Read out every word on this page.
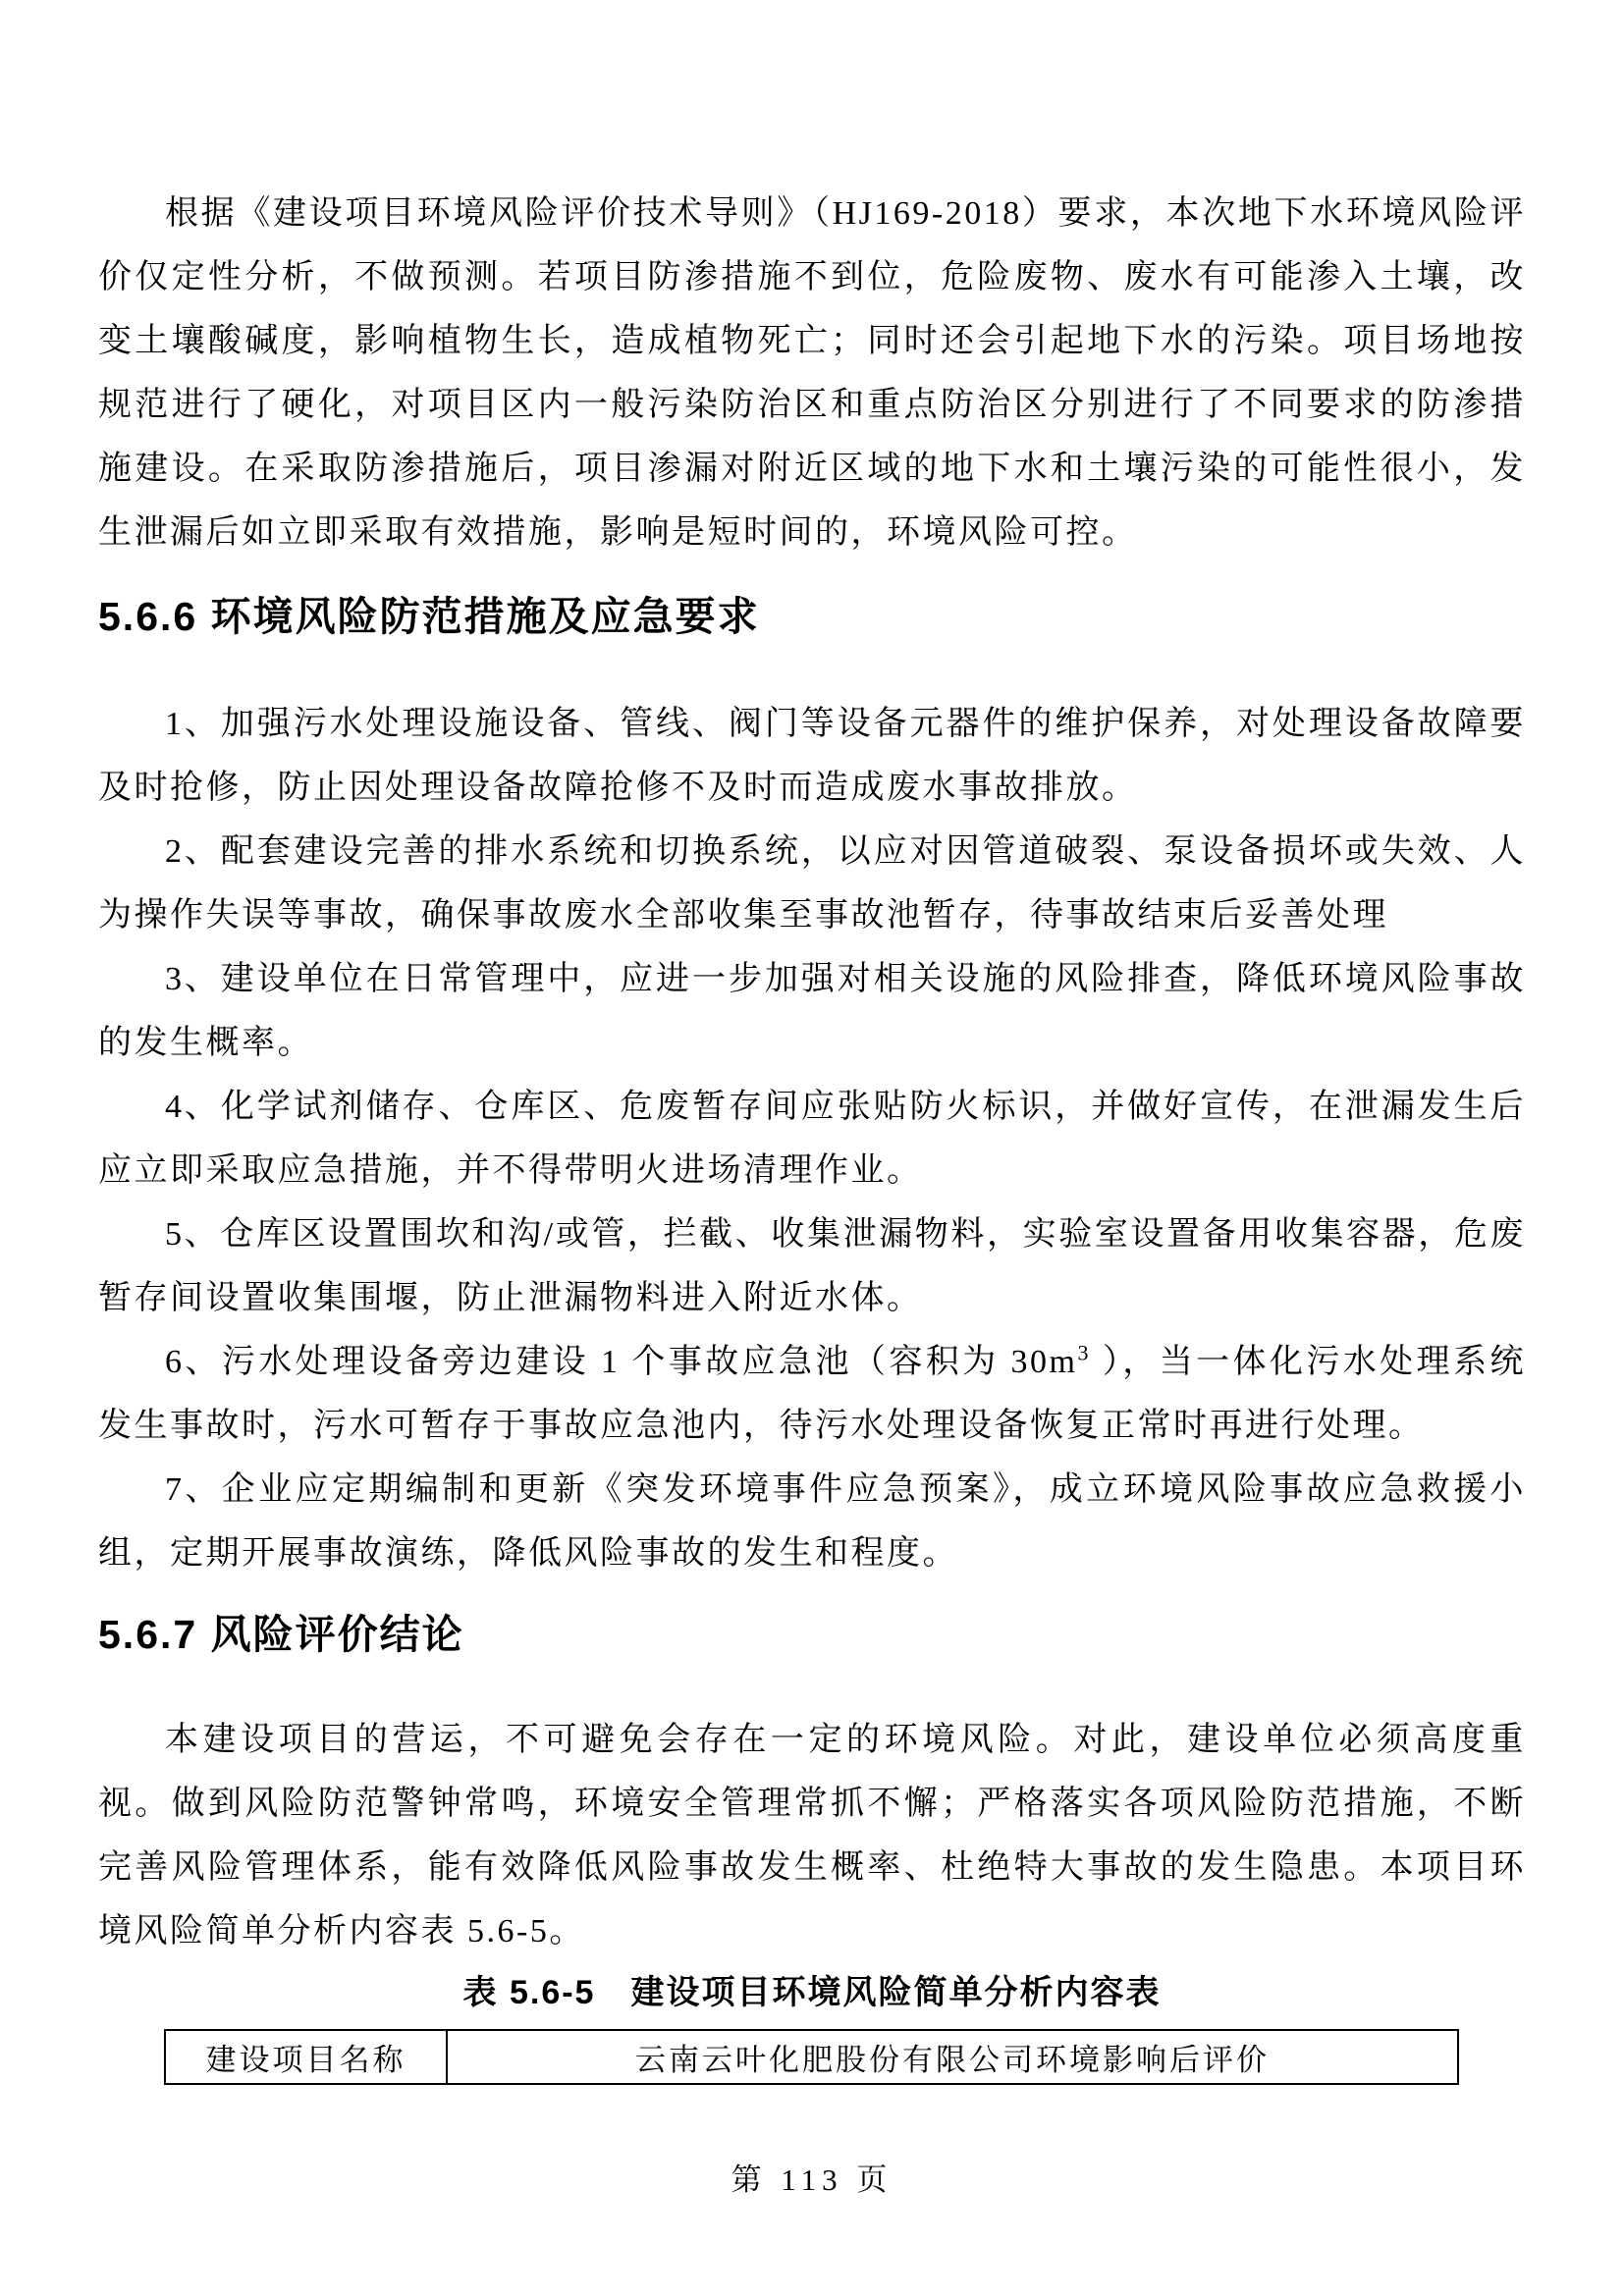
根据《建设项目环境风险评价技术导则》（HJ169-2018）要求，本次地下水环境风险评价仅定性分析，不做预测。若项目防渗措施不到位，危险废物、废水有可能渗入土壤，改变土壤酸碱度，影响植物生长，造成植物死亡；同时还会引起地下水的污染。项目场地按规范进行了硬化，对项目区内一般污染防治区和重点防治区分别进行了不同要求的防渗措施建设。在采取防渗措施后，项目渗漏对附近区域的地下水和土壤污染的可能性很小，发生泄漏后如立即采取有效措施，影响是短时间的，环境风险可控。

5.6.6 环境风险防范措施及应急要求

1、加强污水处理设施设备、管线、阀门等设备元器件的维护保养，对处理设备故障要及时抢修，防止因处理设备故障抢修不及时而造成废水事故排放。

2、配套建设完善的排水系统和切换系统，以应对因管道破裂、泵设备损坏或失效、人为操作失误等事故，确保事故废水全部收集至事故池暂存，待事故结束后妥善处理

3、建设单位在日常管理中，应进一步加强对相关设施的风险排查，降低环境风险事故的发生概率。

4、化学试剂储存、仓库区、危废暂存间应张贴防火标识，并做好宣传，在泄漏发生后应立即采取应急措施，并不得带明火进场清理作业。

5、仓库区设置围坎和沟/或管，拦截、收集泄漏物料，实验室设置备用收集容器，危废暂存间设置收集围堰，防止泄漏物料进入附近水体。

6、污水处理设备旁边建设 1 个事故应急池（容积为 $30m^3$ ），当一体化污水处理系统发生事故时，污水可暂存于事故应急池内，待污水处理设备恢复正常时再进行处理。

7、企业应定期编制和更新《突发环境事件应急预案》，成立环境风险事故应急救援小组，定期开展事故演练，降低风险事故的发生和程度。

5.6.7 风险评价结论

本建设项目的营运，不可避免会存在一定的环境风险。对此，建设单位必须高度重视。做到风险防范警钟常鸣，环境安全管理常抓不懈；严格落实各项风险防范措施，不断完善风险管理体系，能有效降低风险事故发生概率、杜绝特大事故的发生隐患。本项目环境风险简单分析内容表 5.6-5。

表 5.6-5　建设项目环境风险简单分析内容表

建设项目名称	云南云叶化肥股份有限公司环境影响后评价
第 113 页
